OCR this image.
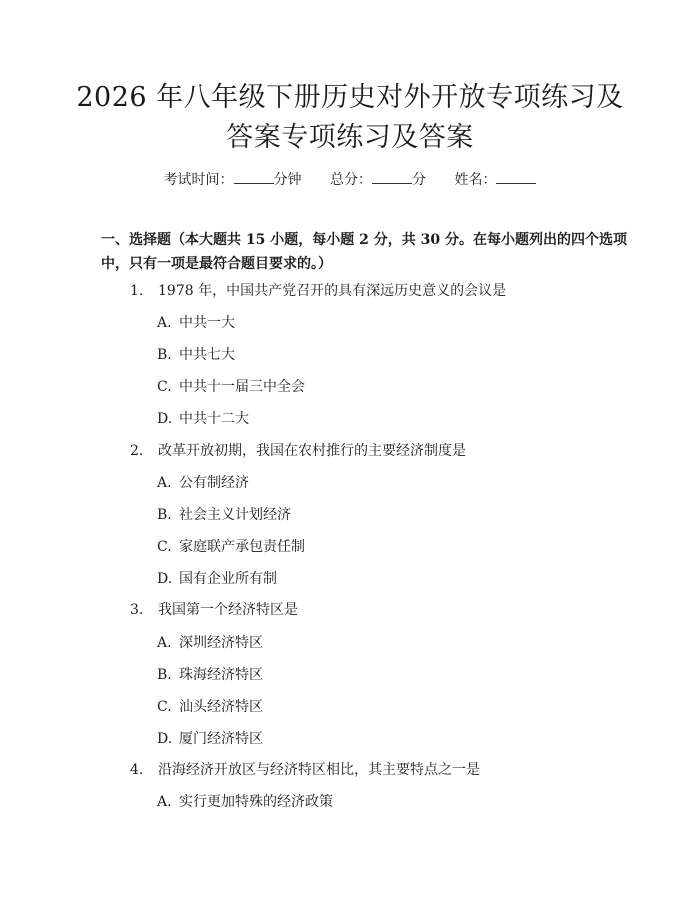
2026 年八年级下册历史对外开放专项练习及
答案专项练习及答案
考试时间：	分钟 总分：	分 姓名：
一、选择题（本大题共 15 小题，每小题 2 分，共 30 分。在每小题列出的四个选项中，只有一项是最符合题目要求的。）
1. 1978 年，中国共产党召开的具有深远历史意义的会议是
A. 中共一大
B. 中共七大
C. 中共十一届三中全会
D. 中共十二大
2. 改革开放初期，我国在农村推行的主要经济制度是
A. 公有制经济
B. 社会主义计划经济
C. 家庭联产承包责任制
D. 国有企业所有制
3. 我国第一个经济特区是
A. 深圳经济特区
B. 珠海经济特区
C. 汕头经济特区
D. 厦门经济特区
4. 沿海经济开放区与经济特区相比，其主要特点之一是
A. 实行更加特殊的经济政策
